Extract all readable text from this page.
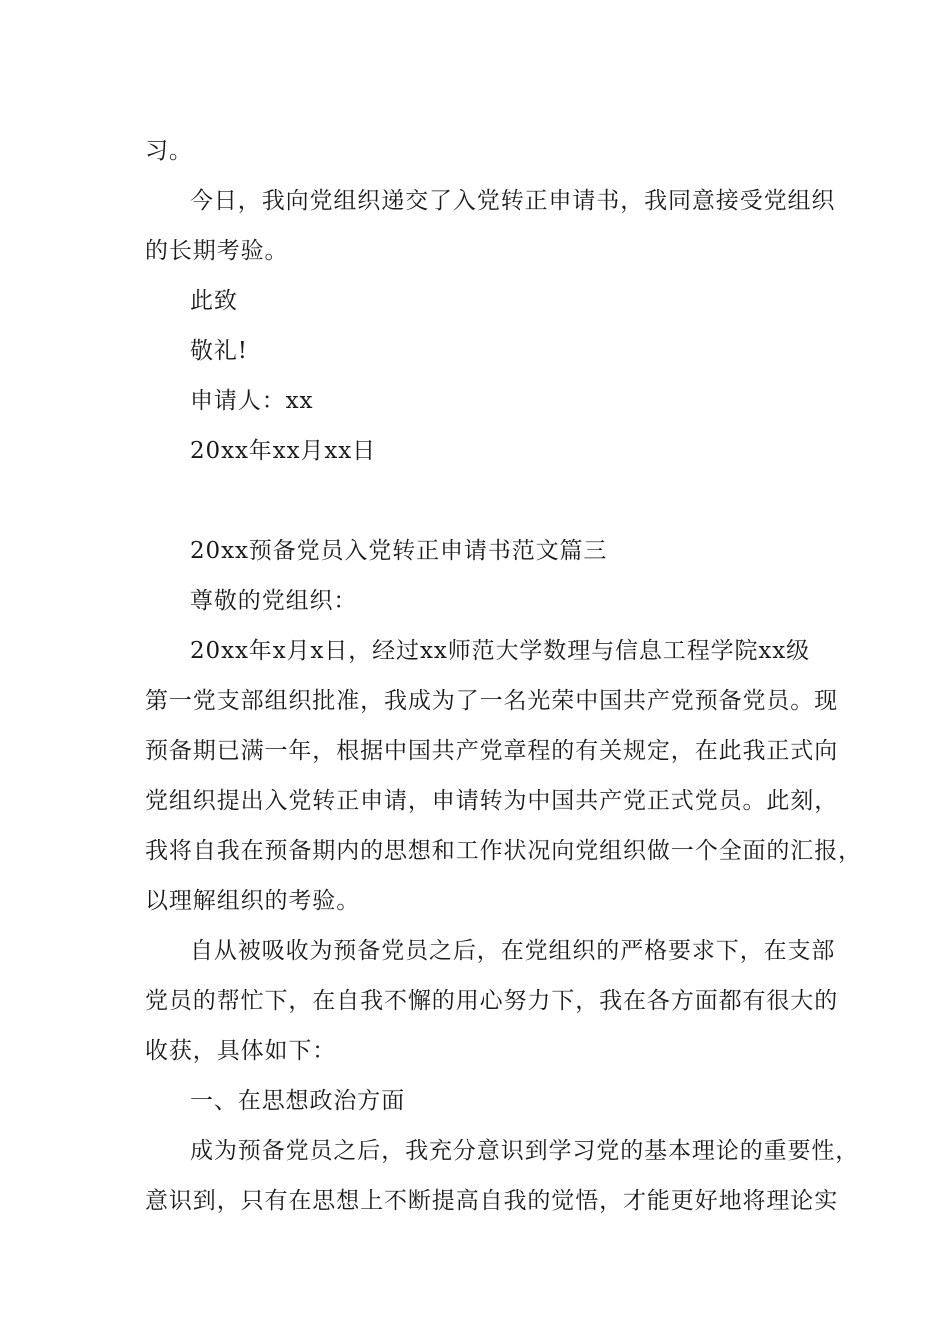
习。
今日，我向党组织递交了入党转正申请书，我同意接受党组织
的长期考验。
此致
敬礼!
申请人：xx
20xx年xx月xx日
20xx预备党员入党转正申请书范文篇三
尊敬的党组织：
20xx年x月x日，经过xx师范大学数理与信息工程学院xx级
第一党支部组织批准，我成为了一名光荣中国共产党预备党员。现
预备期已满一年，根据中国共产党章程的有关规定，在此我正式向
党组织提出入党转正申请，申请转为中国共产党正式党员。此刻，
我将自我在预备期内的思想和工作状况向党组织做一个全面的汇报，
以理解组织的考验。
自从被吸收为预备党员之后，在党组织的严格要求下，在支部
党员的帮忙下，在自我不懈的用心努力下，我在各方面都有很大的
收获，具体如下：
一、在思想政治方面
成为预备党员之后，我充分意识到学习党的基本理论的重要性，
意识到，只有在思想上不断提高自我的觉悟，才能更好地将理论实
